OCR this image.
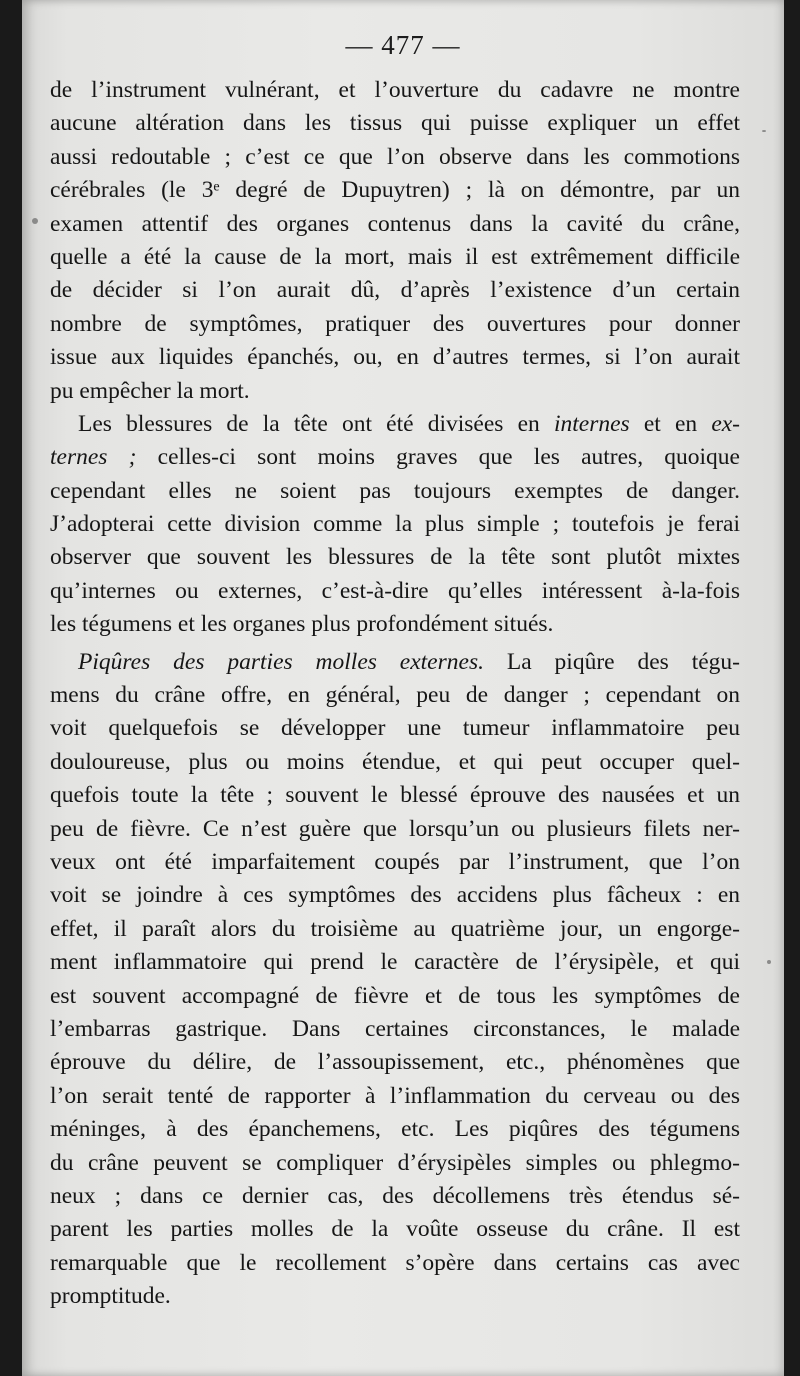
— 477 —
de l’instrument vulnérant, et l’ouverture du cadavre ne montre
aucune altération dans les tissus qui puisse expliquer un effet
aussi redoutable ; c’est ce que l’on observe dans les commotions
cérébrales (le 3ᵉ degré de Dupuytren) ; là on démontre, par un
examen attentif des organes contenus dans la cavité du crâne,
quelle a été la cause de la mort, mais il est extrêmement difficile
de décider si l’on aurait dû, d’après l’existence d’un certain
nombre de symptômes, pratiquer des ouvertures pour donner
issue aux liquides épanchés, ou, en d’autres termes, si l’on aurait
pu empêcher la mort.
Les blessures de la tête ont été divisées en internes et en ex-
ternes ; celles-ci sont moins graves que les autres, quoique
cependant elles ne soient pas toujours exemptes de danger.
J’adopterai cette division comme la plus simple ; toutefois je ferai
observer que souvent les blessures de la tête sont plutôt mixtes
qu’internes ou externes, c’est-à-dire qu’elles intéressent à-la-fois
les tégumens et les organes plus profondément situés.
Piqûres des parties molles externes. La piqûre des tégu-
mens du crâne offre, en général, peu de danger ; cependant on
voit quelquefois se développer une tumeur inflammatoire peu
douloureuse, plus ou moins étendue, et qui peut occuper quel-
quefois toute la tête ; souvent le blessé éprouve des nausées et un
peu de fièvre. Ce n’est guère que lorsqu’un ou plusieurs filets ner-
veux ont été imparfaitement coupés par l’instrument, que l’on
voit se joindre à ces symptômes des accidens plus fâcheux : en
effet, il paraît alors du troisième au quatrième jour, un engorge-
ment inflammatoire qui prend le caractère de l’érysipèle, et qui
est souvent accompagné de fièvre et de tous les symptômes de
l’embarras gastrique. Dans certaines circonstances, le malade
éprouve du délire, de l’assoupissement, etc., phénomènes que
l’on serait tenté de rapporter à l’inflammation du cerveau ou des
méninges, à des épanchemens, etc. Les piqûres des tégumens
du crâne peuvent se compliquer d’érysipèles simples ou phlegmo-
neux ; dans ce dernier cas, des décollemens très étendus sé-
parent les parties molles de la voûte osseuse du crâne. Il est
remarquable que le recollement s’opère dans certains cas avec
promptitude.
